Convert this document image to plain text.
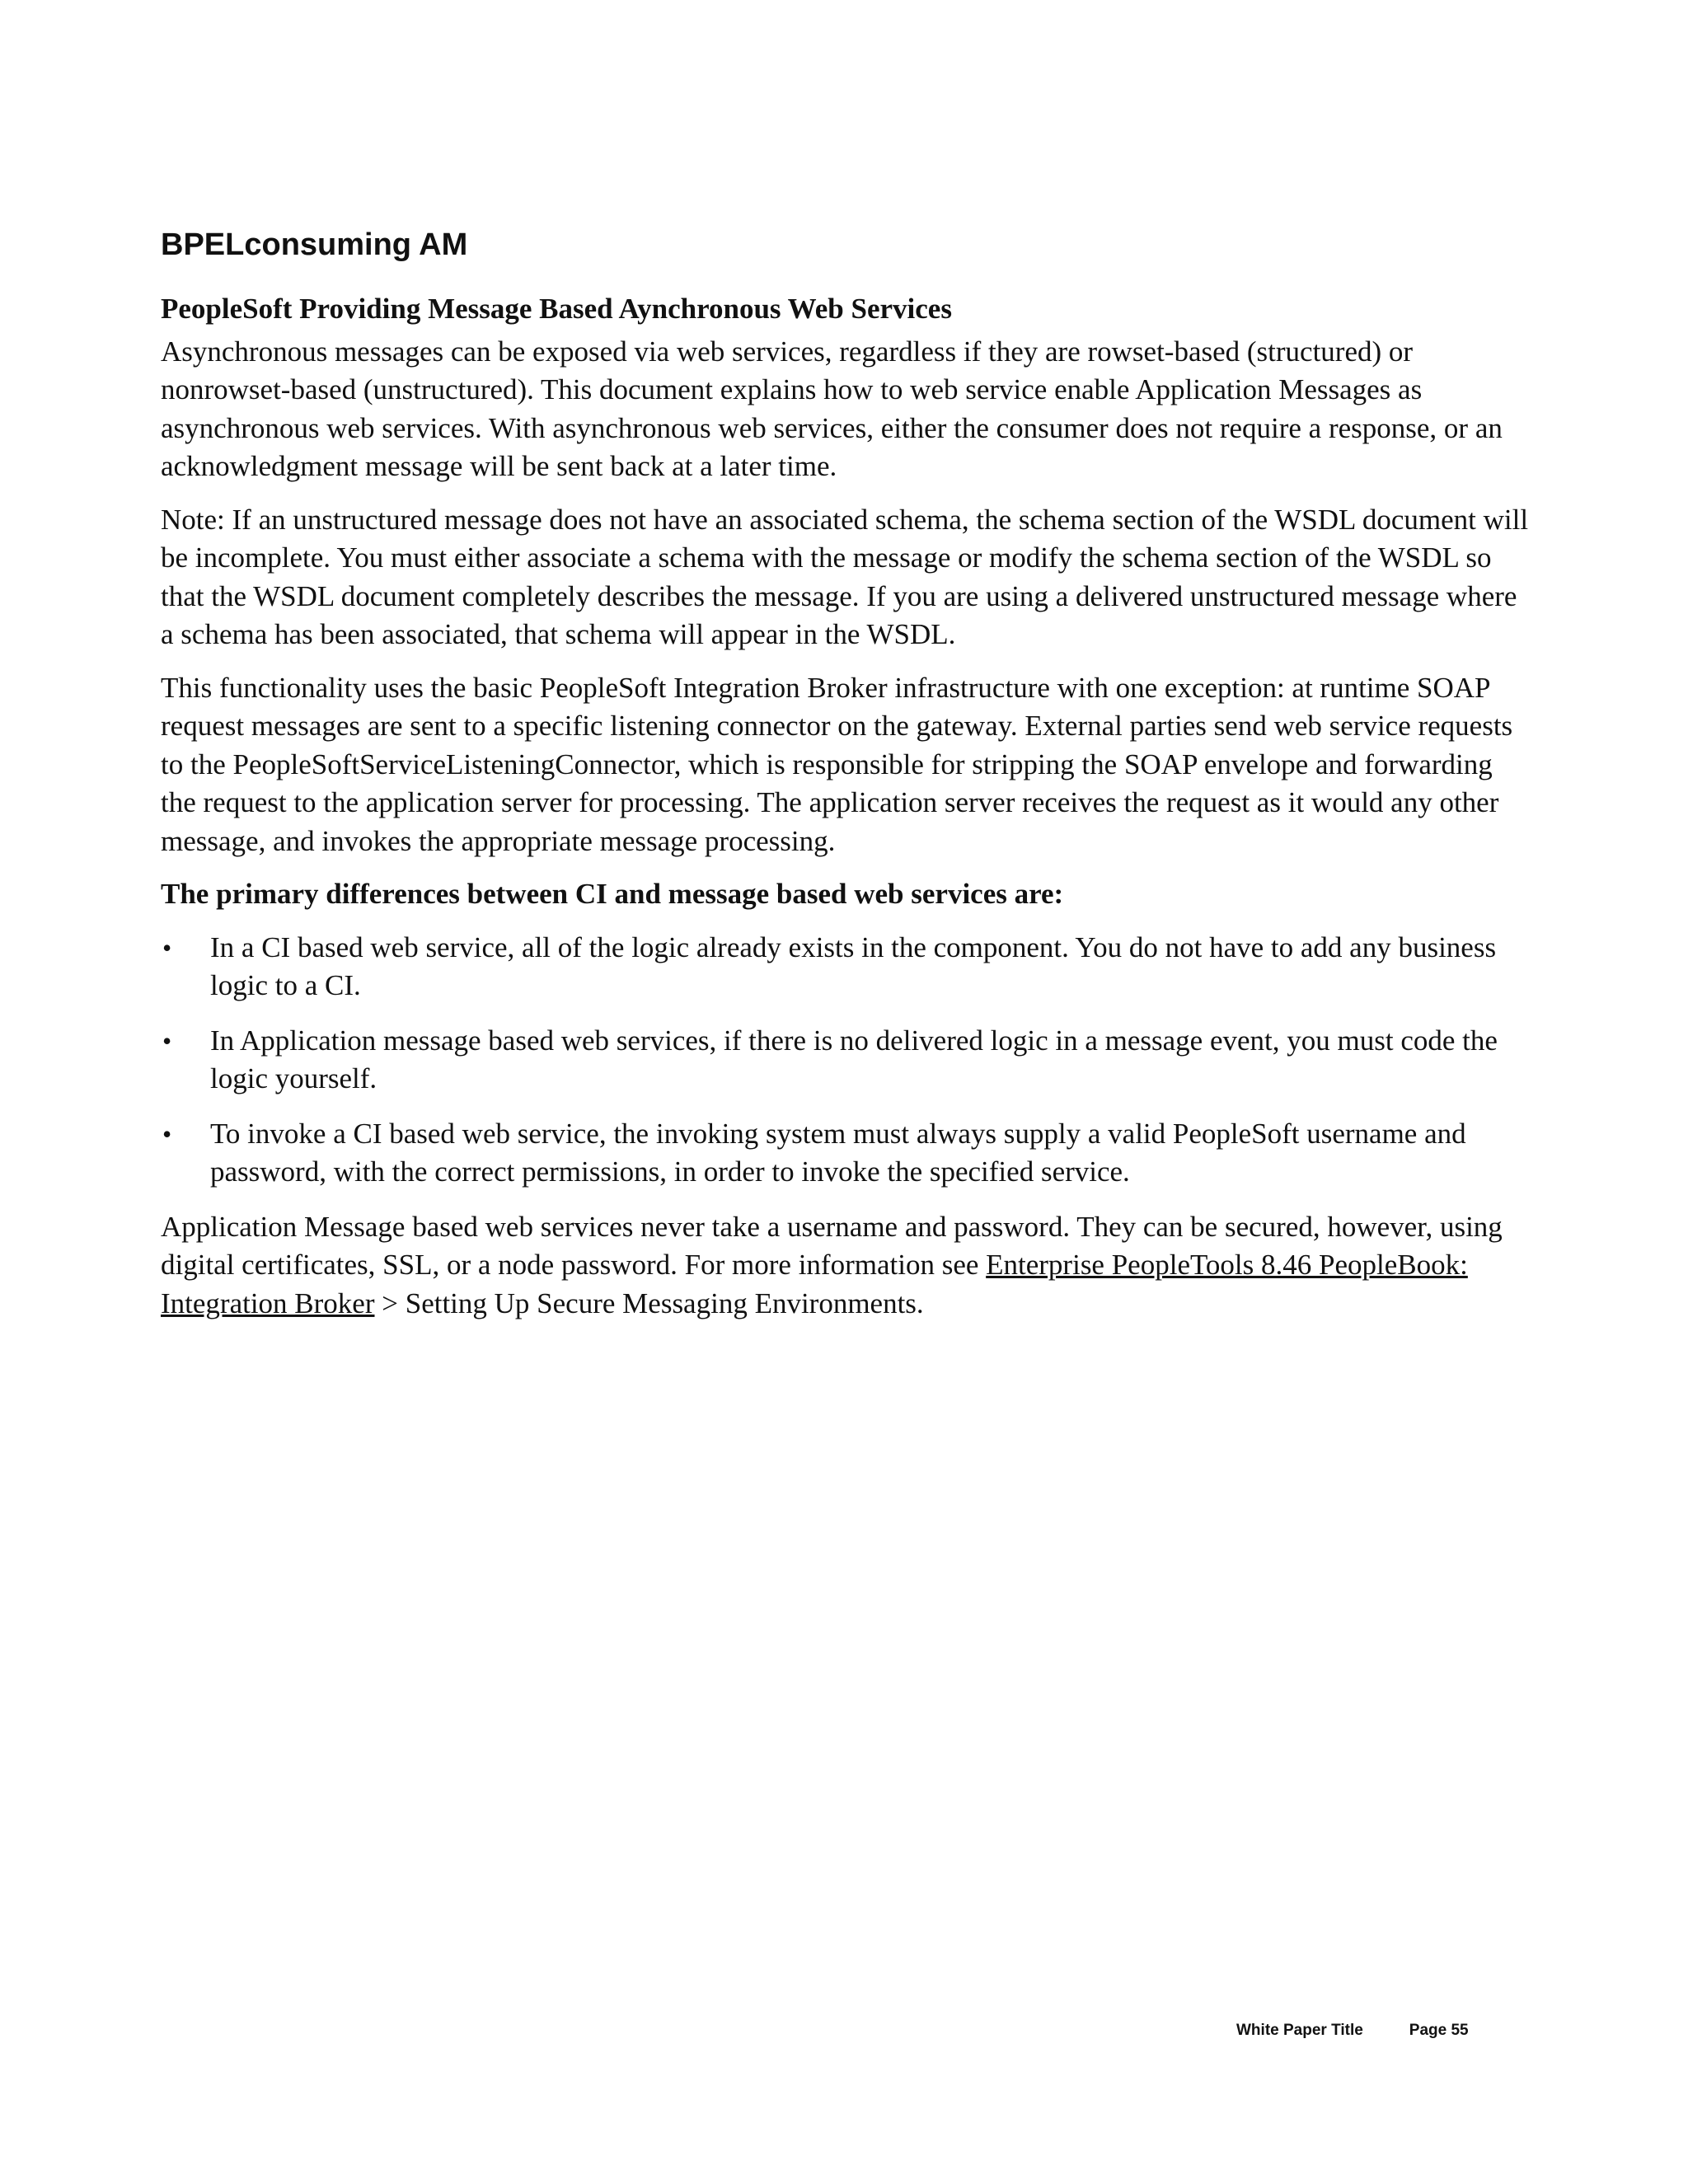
BPELconsuming AM
PeopleSoft Providing Message Based Aynchronous Web Services

Asynchronous messages can be exposed via web services, regardless if they are rowset-based (structured) or nonrowset-based (unstructured). This document explains how to web service enable Application Messages as asynchronous web services. With asynchronous web services, either the consumer does not require a response, or an acknowledgment message will be sent back at a later time.

Note: If an unstructured message does not have an associated schema, the schema section of the WSDL document will be incomplete. You must either associate a schema with the message or modify the schema section of the WSDL so that the WSDL document completely describes the message. If you are using a delivered unstructured message where a schema has been associated, that schema will appear in the WSDL.

This functionality uses the basic PeopleSoft Integration Broker infrastructure with one exception: at runtime SOAP request messages are sent to a specific listening connector on the gateway. External parties send web service requests to the PeopleSoftServiceListeningConnector, which is responsible for stripping the SOAP envelope and forwarding the request to the application server for processing. The application server receives the request as it would any other message, and invokes the appropriate message processing.

The primary differences between CI and message based web services are:

• In a CI based web service, all of the logic already exists in the component. You do not have to add any business logic to a CI.
• In Application message based web services, if there is no delivered logic in a message event, you must code the logic yourself.
• To invoke a CI based web service, the invoking system must always supply a valid PeopleSoft username and password, with the correct permissions, in order to invoke the specified service.

Application Message based web services never take a username and password. They can be secured, however, using digital certificates, SSL, or a node password. For more information see Enterprise PeopleTools 8.46 PeopleBook: Integration Broker > Setting Up Secure Messaging Environments.

White Paper Title	Page 55
